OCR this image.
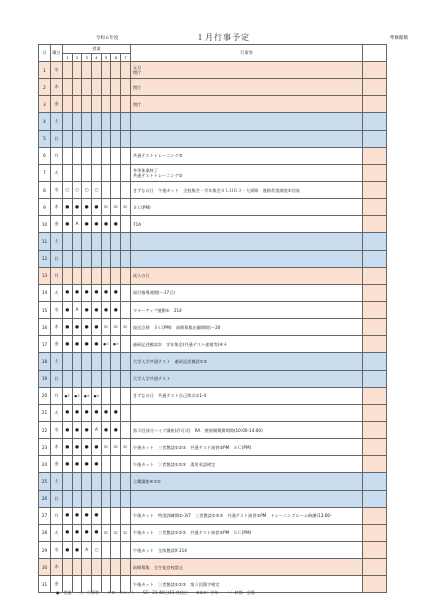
令和６年度	１月行事予定	準修館敬
日	曜日	授業							行事等	
		1	2	3	4	5	6	7		
1	水								元旦
閉庁	

2	木								閉庁	

3	金								閉庁	

4	土									
5	日									
6	月								共通テストトレーニング③	

7	火								冬季休業終了
共通テストトレーニング③	

8	水	○	○	○	○				きずなの日　午後カット　全校集会・学年集会ＳＬＨＲ３・大掃除　進路希望調査①回収	

9	木	●	●	●	●	SC	SC	SC	ＳＣ(PM)	

10	金	●	A	●	●	●	●		71A	

11	土									
12	日									
13	月								成人の日	

14	火	●	●	●	●	●	●		面付指導週間(～17日)	

15	水	●	A	●	●	●	●		マナーアップ運動①　214	

16	木	●	●	●	●	SC	SC	SC	放送点検　ＳＣ(PM)　前期募集出願期間(～20	

17	金	●	●	●	●	●①	●②		避研記述模試②　学年集会(共通テスト速報等)④４	

18	土								大学入学共通テスト　避研記述模試①②	

19	日								大学入学共通テスト	

20	月	●①	●②	●③	●④				きずなの日　共通テスト自己採点①1-4	

21	火	●	●	●	●	●	●			
22	水	●	●	●	A	●	●		第３回部分ハイグ講座(許可式)　RA　壁新聞掲揚期間(10:00-14:00)	

23	木	●	●	●	●	SC	SC	SC	午後カット　三者懇談①②③　共通テスト演習③PM　ＳＣ(PM)	

24	金	●	●	●	●				午後カット　三者懇談①②③　漢用英語検定	

25	土								土曜講座④①②	

26	日									
27	月	●	●	●	●				午後カット　特別訓練期①-3/7　三者懇談①②③　共通テスト演習②PM　トレーニングルーム修繕(13:00-	

28	火	●	●	●	●	SC	SC	SC	午後カット　三者懇談①②③　共通テスト演習③PM　ＳＣ(PM)	

29	水	●	●	A	○				午後カット　全体懇談X 214	

30	木								前期募集　全生徒登校禁止	

31	金								午後カット　三者懇談①②③　第３回漢字検定	

●：授業　　○：行事等　　ＡＢ：カセット　　SC：21-40日/41-休校日　　①②③：学年　　｜：時間・会場
